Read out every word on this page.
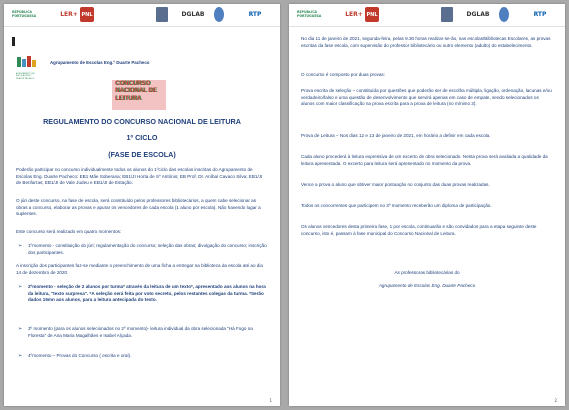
REPÚBLICA PORTUGUESA	LER+ PNL	DGLAB	RTP
AGRUPAMENTO DE ESCOLAS ENG.º DUARTE PACHECO
Agrupamento de Escolas Eng.º Duarte Pacheco
CONCURSO NACIONAL DE LEITURA
REGULAMENTO DO CONCURSO NACIONAL DE LEITURA
1º CICLO
(FASE DE ESCOLA)

Poderão participar no concurso individualmente todos os alunos do 1ºciclo das escolas inscritas do Agrupamento de Escolas Eng. Duarte Pacheco: EB1 Mãe Soberana; EB1/JI Horta de Sº António; EB Prof. Dr. Aníbal Cavaco Silva; EB1/JI de Benfarras; EB1/JI de Vale Judeu e EB1/JI de Estação.

O júri deste concurso, na fase de escola, será constituído pelos professores bibliotecários, a quem cabe selecionar as obras a concurso, elaborar as provas e apurar os vencedores de cada escola (1 aluno por escola). Não havendo lugar a suplentes.

Este concurso será realizado em quatro momentos:

➢ 1ºmomento - constituição do júri; regulamentação do concurso; seleção das obras; divulgação do concurso; inscrição dos participantes.

A inscrição dos participantes faz-se mediante o preenchimento de uma ficha a entregar na biblioteca da escola até ao dia 14 de dezembro de 2020.

➢ 2ºmomento - seleção de 2 alunos por turma* através da leitura de um texto*, apresentado aos alunos na hora da leitura, "texto surpresa". *A seleção será feita por voto secreto, pelos restantes colegas da turma. *Serão dados 15mn aos alunos, para a leitura antecipada do texto.

➢ 3º momento (para os alunos selecionados no 2º momento)- leitura individual da obra selecionada "Há Fogo na Floresta" de Ana Maria Magalhães e Isabel Alçada.

➢ 4ºmomento – Provas do Concurso ( escrita e oral).

1
REPÚBLICA PORTUGUESA	LER+ PNL	DGLAB	RTP

No dia 11 de janeiro de 2021, segunda-feira, pelas 9.30 horas realizar-se-ão, nas escolas/Bibliotecas Escolares, as provas escritas da fase escola, com supervisão do professor bibliotecário ou outro elemento (adulto) do estabelecimento.

O concurso é composto por duas provas:

Prova escrita de seleção – constituída por questões que poderão ser de escolha múltipla, ligação, ordenação, lacunas e/ou verdadeiro/falso e uma questão de desenvolvimento que servirá apenas em caso de empate, sendo selecionados os alunos com maior classificação na prova escrita para a prova de leitura (no mínimo 3).

Prova de Leitura – Nos dias 12 e 13 de janeiro de 2021, em horário a definir em cada escola.

Cada aluno procederá à leitura expressiva de um excerto de obra selecionado. Nesta prova será avaliada a qualidade da leitura apresentada. O excerto para leitura será apresentado no momento da prova.

Vence a prova o aluno que obtiver maior pontuação no conjunto das duas provas realizadas.

Todos os concorrentes que participem no 3º momento receberão um diploma de participação.

Os alunos vencedores desta primeira fase, 1 por escola, continuarão e são convidados para a etapa seguinte deste concurso, isto é, passam à fase municipal do Concurso Nacional de Leitura.

As professoras bibliotecárias do

Agrupamento de Escolas Eng. Duarte Pacheco

2
